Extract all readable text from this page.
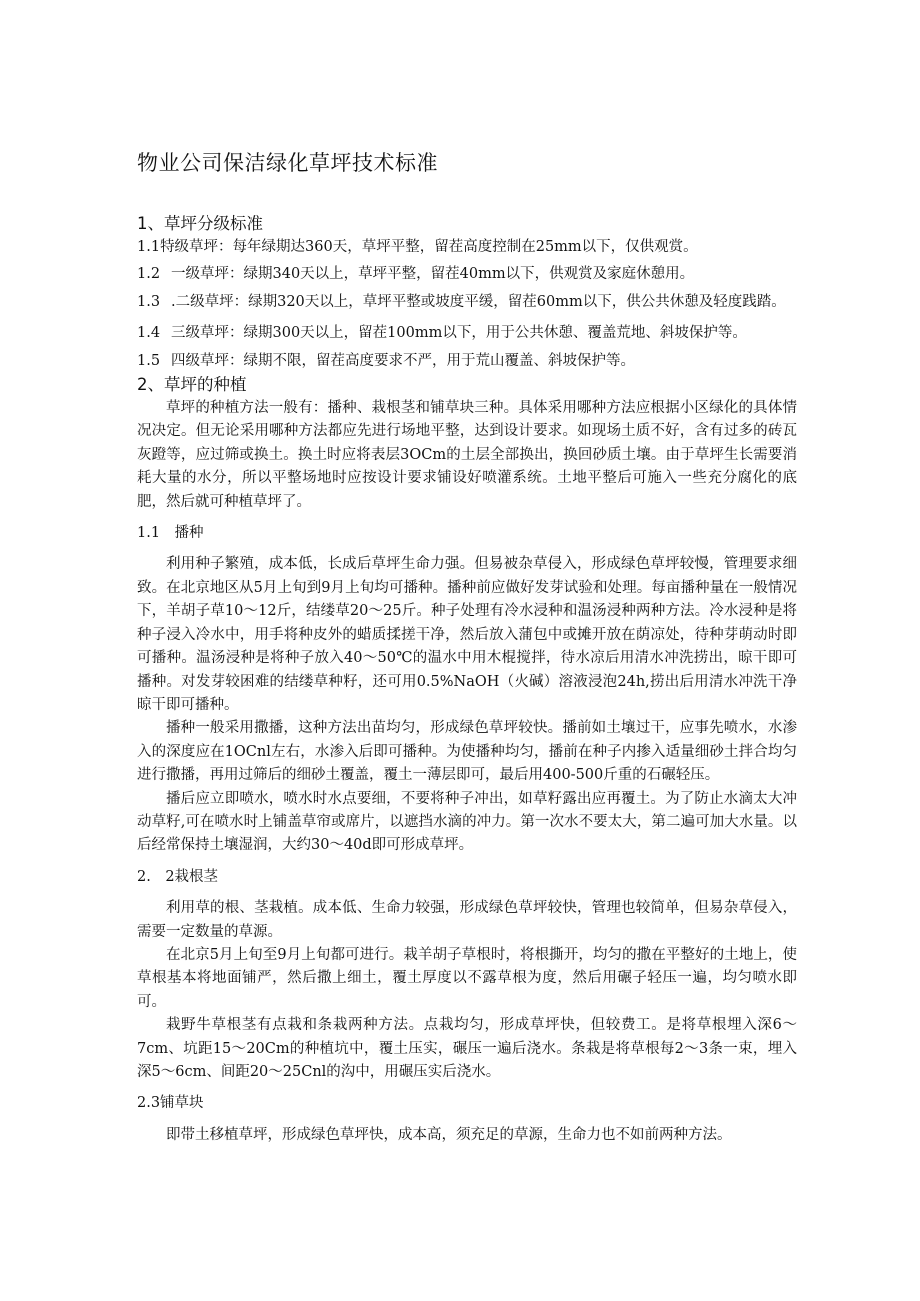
物业公司保洁绿化草坪技术标准
1、草坪分级标准

1.1特级草坪：每年绿期达360天，草坪平整，留茬高度控制在25mm以下，仅供观赏。

1.2 一级草坪：绿期340天以上，草坪平整，留茬40mm以下，供观赏及家庭休憩用。

1.3 .二级草坪：绿期320天以上，草坪平整或坡度平缓，留茬60mm以下，供公共休憩及轻度践踏。

1.4 三级草坪：绿期300天以上，留茬100mm以下，用于公共休憩、覆盖荒地、斜坡保护等。

1.5 四级草坪：绿期不限，留茬高度要求不严，用于荒山覆盖、斜坡保护等。

2、草坪的种植

草坪的种植方法一般有：播种、栽根茎和铺草块三种。具体采用哪种方法应根据小区绿化的具体情况决定。但无论采用哪种方法都应先进行场地平整，达到设计要求。如现场土质不好，含有过多的砖瓦灰蹬等，应过筛或换土。换土时应将表层3OCm的土层全部换出，换回砂质土壤。由于草坪生长需要消耗大量的水分，所以平整场地时应按设计要求铺设好喷灌系统。土地平整后可施入一些充分腐化的底肥，然后就可种植草坪了。

1.1　播种

利用种子繁殖，成本低，长成后草坪生命力强。但易被杂草侵入，形成绿色草坪较慢，管理要求细致。在北京地区从5月上旬到9月上旬均可播种。播种前应做好发芽试验和处理。每亩播种量在一般情况下，羊胡子草10～12斤，结缕草20～25斤。种子处理有冷水浸种和温汤浸种两种方法。冷水浸种是将种子浸入冷水中，用手将种皮外的蜡质揉搓干净，然后放入蒲包中或摊开放在荫凉处，待种芽萌动时即可播种。温汤浸种是将种子放入40～50℃的温水中用木棍搅拌，待水凉后用清水冲洗捞出，晾干即可播种。对发芽较困难的结缕草种籽，还可用0.5%NaOH（火碱）溶液浸泡24h,捞出后用清水冲洗干净晾干即可播种。

播种一般采用撒播，这种方法出苗均匀，形成绿色草坪较快。播前如土壤过干，应事先喷水，水渗入的深度应在1OCnl左右，水渗入后即可播种。为使播种均匀，播前在种子内掺入适量细砂土拌合均匀进行撒播，再用过筛后的细砂土覆盖，覆土一薄层即可，最后用400-500斤重的石碾轻压。

播后应立即喷水，喷水时水点要细，不要将种子冲出，如草籽露出应再覆土。为了防止水滴太大冲动草籽,可在喷水时上铺盖草帘或席片，以遮挡水滴的冲力。第一次水不要太大，第二遍可加大水量。以后经常保持土壤湿润，大约30～40d即可形成草坪。

2.　2栽根茎

利用草的根、茎栽植。成本低、生命力较强，形成绿色草坪较快，管理也较简单，但易杂草侵入，需要一定数量的草源。

在北京5月上旬至9月上旬都可进行。栽羊胡子草根时，将根撕开，均匀的撒在平整好的土地上，使草根基本将地面铺严，然后撒上细土，覆土厚度以不露草根为度，然后用碾子轻压一遍，均匀喷水即可。

栽野牛草根茎有点栽和条栽两种方法。点栽均匀，形成草坪快，但较费工。是将草根埋入深6～7cm、坑距15～20Cm的种植坑中，覆土压实，碾压一遍后浇水。条栽是将草根每2～3条一束，埋入深5～6cm、间距20～25Cnl的沟中，用碾压实后浇水。

2.3铺草块

即带土移植草坪，形成绿色草坪快，成本高，须充足的草源，生命力也不如前两种方法。
